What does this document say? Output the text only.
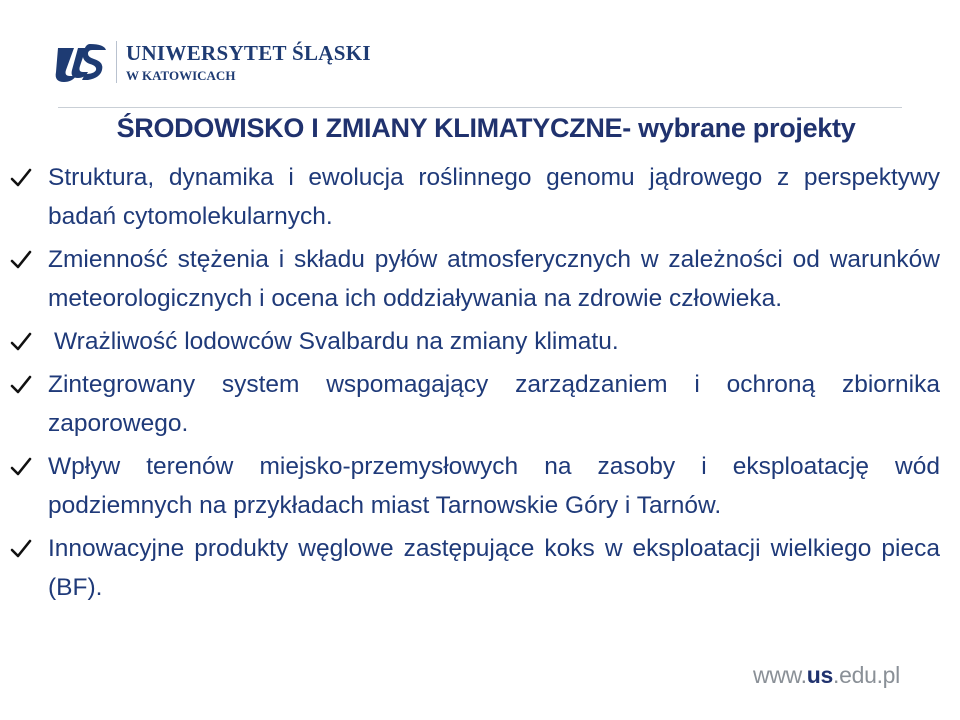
UNIWERSYTET ŚLĄSKI
W KATOWICACH
ŚRODOWISKO I ZMIANY KLIMATYCZNE- wybrane projekty
Struktura, dynamika i ewolucja roślinnego genomu jądrowego z perspektywy badań cytomolekularnych.
Zmienność stężenia i składu pyłów atmosferycznych w zależności od warunków meteorologicznych i ocena ich oddziaływania na zdrowie człowieka.
Wrażliwość lodowców Svalbardu na zmiany klimatu.
Zintegrowany system wspomagający zarządzaniem i ochroną zbiornika zaporowego.
Wpływ terenów miejsko-przemysłowych na zasoby i eksploatację wód podziemnych na przykładach miast Tarnowskie Góry i Tarnów.
Innowacyjne produkty węglowe zastępujące koks w eksploatacji wielkiego pieca (BF).
www.us.edu.pl
